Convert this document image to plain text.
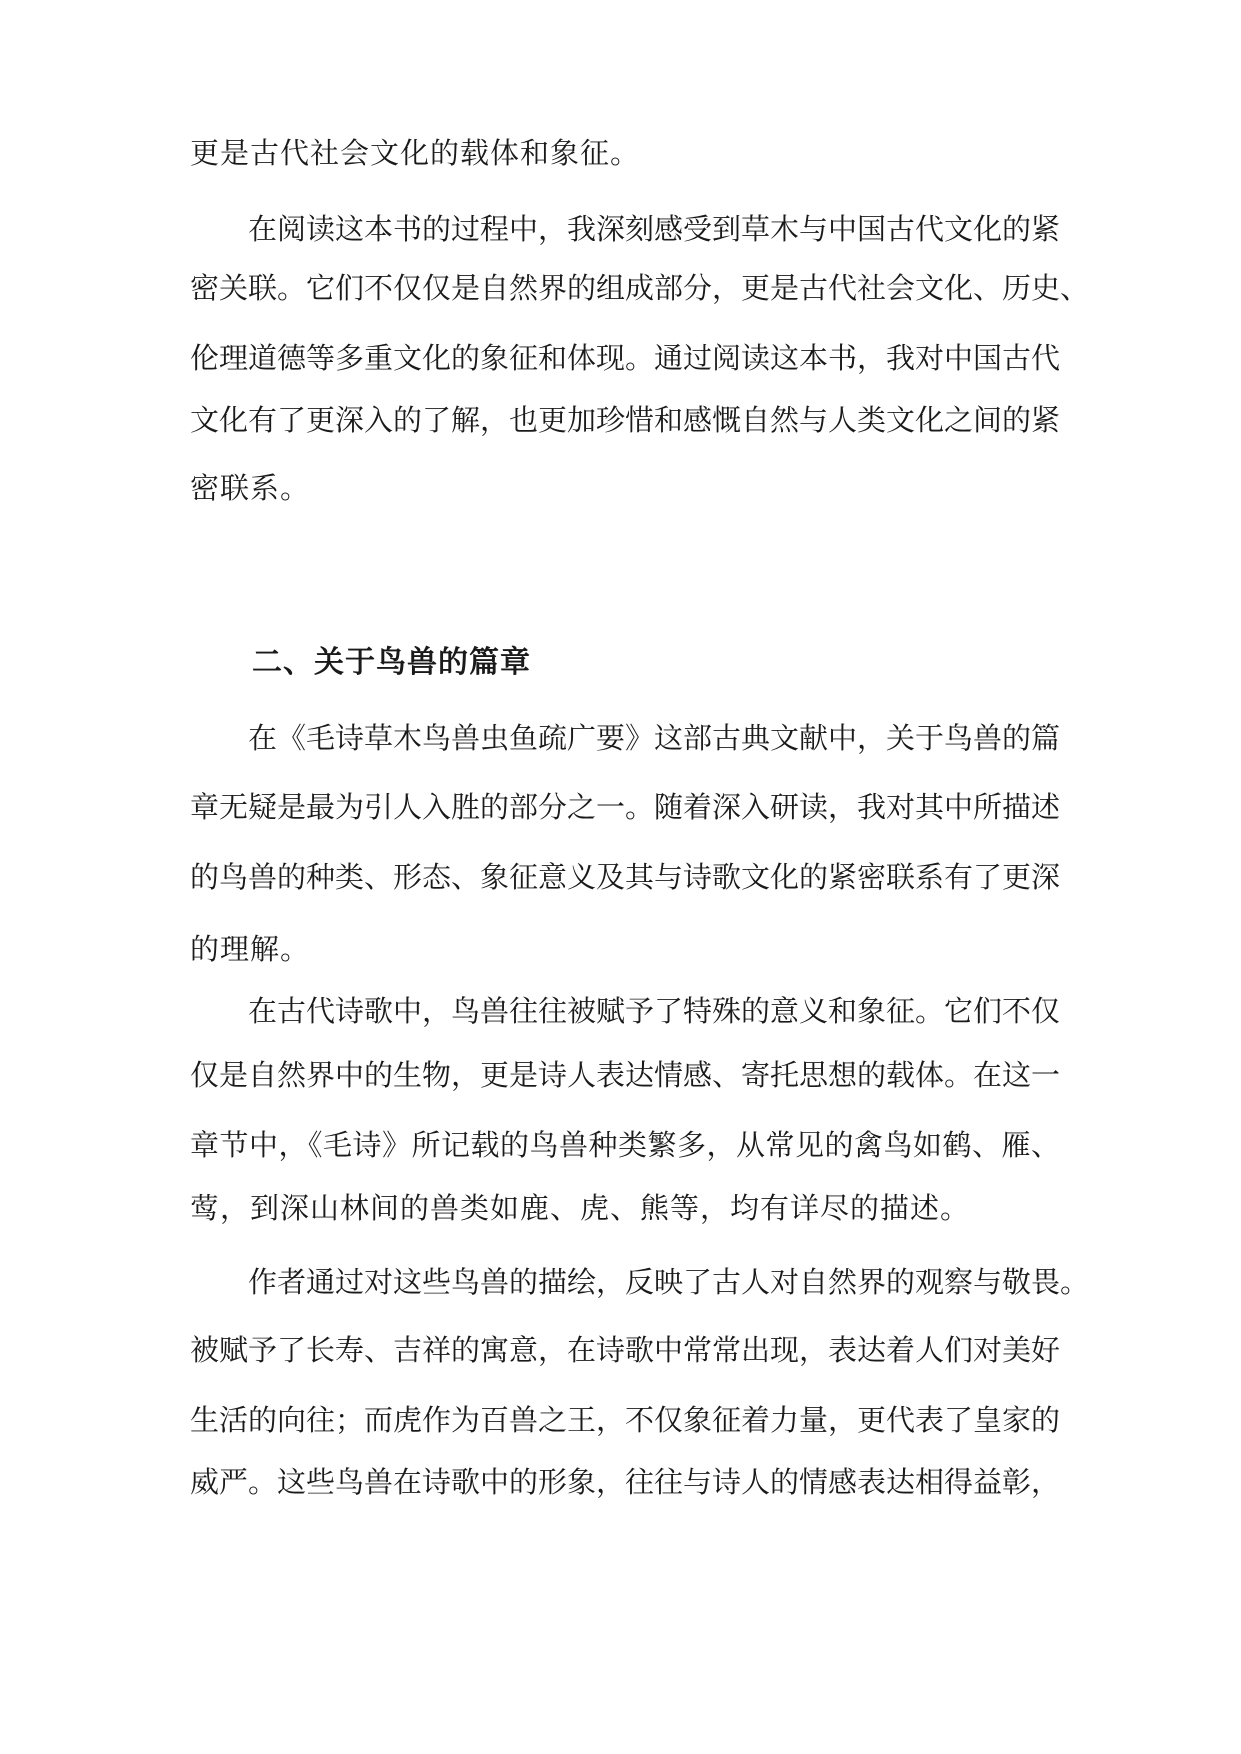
更是古代社会文化的载体和象征。
在阅读这本书的过程中，我深刻感受到草木与中国古代文化的紧
密关联。它们不仅仅是自然界的组成部分，更是古代社会文化、历史、
伦理道德等多重文化的象征和体现。通过阅读这本书，我对中国古代
文化有了更深入的了解，也更加珍惜和感慨自然与人类文化之间的紧
密联系。
二、关于鸟兽的篇章
在《毛诗草木鸟兽虫鱼疏广要》这部古典文献中，关于鸟兽的篇
章无疑是最为引人入胜的部分之一。随着深入研读，我对其中所描述
的鸟兽的种类、形态、象征意义及其与诗歌文化的紧密联系有了更深
的理解。
在古代诗歌中，鸟兽往往被赋予了特殊的意义和象征。它们不仅
仅是自然界中的生物，更是诗人表达情感、寄托思想的载体。在这一
章节中，《毛诗》所记载的鸟兽种类繁多，从常见的禽鸟如鹤、雁、
莺，到深山林间的兽类如鹿、虎、熊等，均有详尽的描述。
作者通过对这些鸟兽的描绘，反映了古人对自然界的观察与敬畏。
被赋予了长寿、吉祥的寓意，在诗歌中常常出现，表达着人们对美好
生活的向往；而虎作为百兽之王，不仅象征着力量，更代表了皇家的
威严。这些鸟兽在诗歌中的形象，往往与诗人的情感表达相得益彰，
